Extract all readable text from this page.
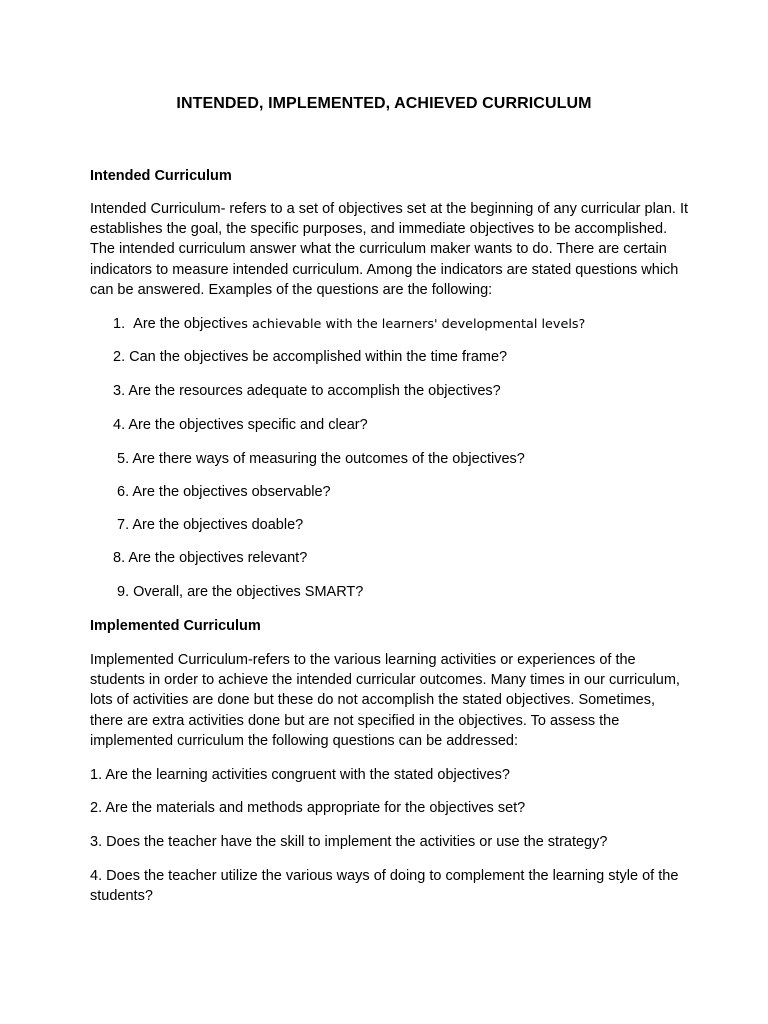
INTENDED, IMPLEMENTED, ACHIEVED CURRICULUM
Intended Curriculum
Intended Curriculum- refers to a set of objectives set at the beginning of any curricular plan. It establishes the goal, the specific purposes, and immediate objectives to be accomplished. The intended curriculum answer what the curriculum maker wants to do. There are certain indicators to measure intended curriculum. Among the indicators are stated questions which can be answered. Examples of the questions are the following:
1. Are the objectives achievable with the learners' developmental levels?
2. Can the objectives be accomplished within the time frame?
3. Are the resources adequate to accomplish the objectives?
4. Are the objectives specific and clear?
5. Are there ways of measuring the outcomes of the objectives?
6. Are the objectives observable?
7. Are the objectives doable?
8. Are the objectives relevant?
9. Overall, are the objectives SMART?
Implemented Curriculum
Implemented Curriculum-refers to the various learning activities or experiences of the students in order to achieve the intended curricular outcomes. Many times in our curriculum, lots of activities are done but these do not accomplish the stated objectives. Sometimes, there are extra activities done but are not specified in the objectives. To assess the implemented curriculum the following questions can be addressed:
1. Are the learning activities congruent with the stated objectives?
2. Are the materials and methods appropriate for the objectives set?
3. Does the teacher have the skill to implement the activities or use the strategy?
4. Does the teacher utilize the various ways of doing to complement the learning style of the students?
